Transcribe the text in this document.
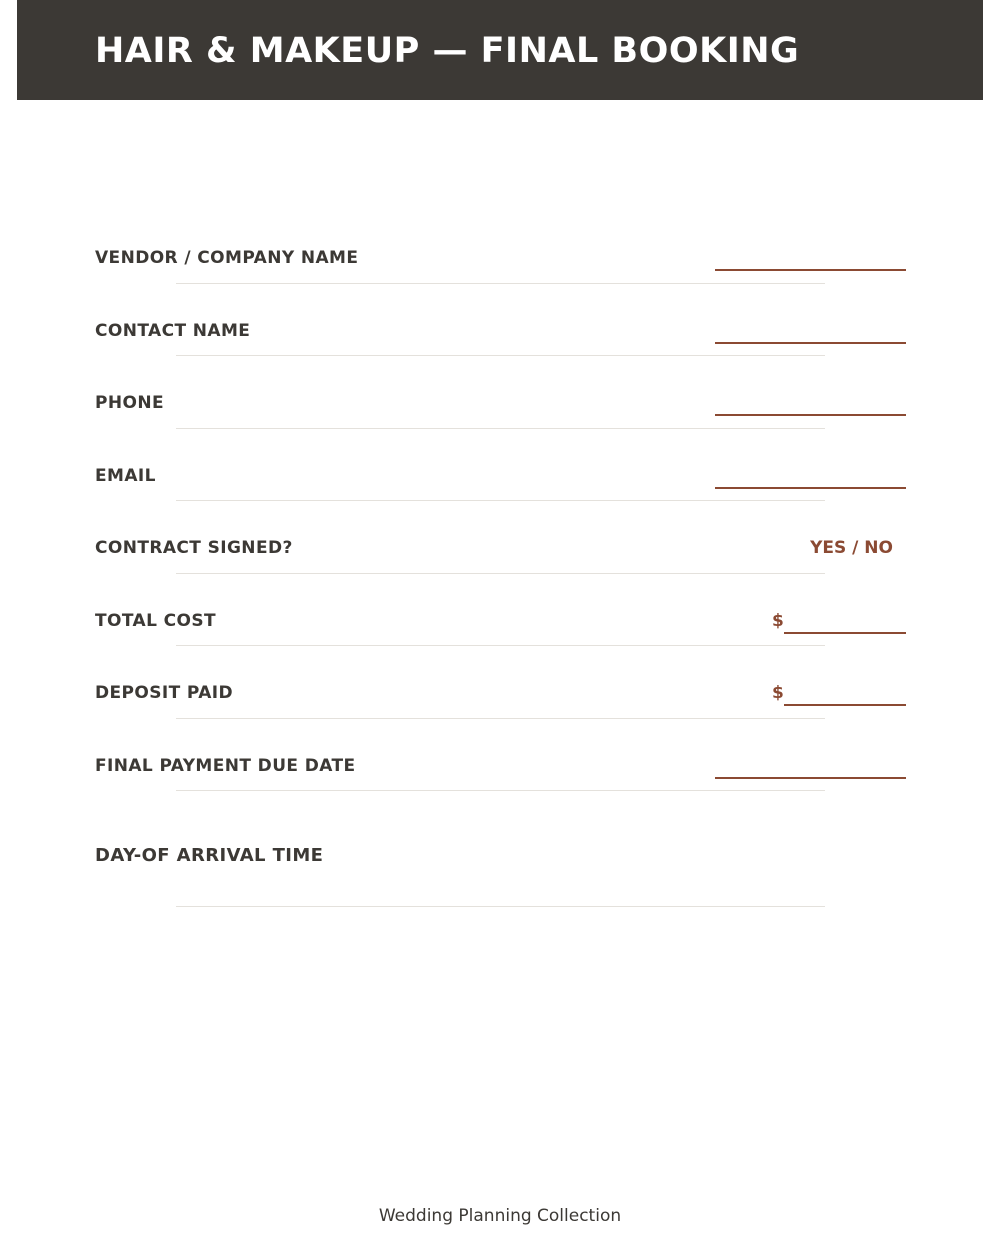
HAIR & MAKEUP — FINAL BOOKING
VENDOR / COMPANY NAME
CONTACT NAME
PHONE
EMAIL
CONTRACT SIGNED?	YES / NO
TOTAL COST	$
DEPOSIT PAID	$
FINAL PAYMENT DUE DATE
DAY-OF ARRIVAL TIME
Wedding Planning Collection
